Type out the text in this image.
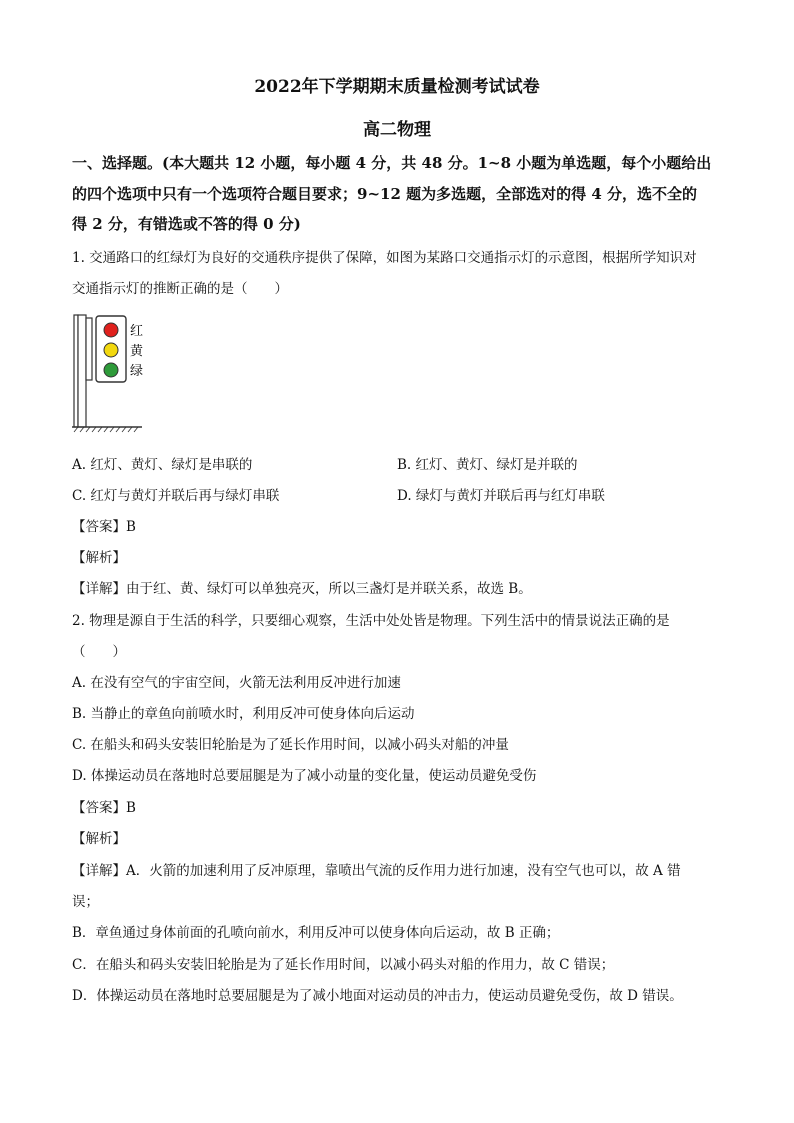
2022年下学期期末质量检测考试试卷
高二物理
一、选择题。(本大题共 12 小题，每小题 4 分，共 48 分。1~8 小题为单选题，每个小题给出
的四个选项中只有一个选项符合题目要求；9~12 题为多选题，全部选对的得 4 分，选不全的
得 2 分，有错选或不答的得 0 分)
1. 交通路口的红绿灯为良好的交通秩序提供了保障，如图为某路口交通指示灯的示意图，根据所学知识对
交通指示灯的推断正确的是（　　）
红
黄
绿
A. 红灯、黄灯、绿灯是串联的	B. 红灯、黄灯、绿灯是并联的
C. 红灯与黄灯并联后再与绿灯串联	D. 绿灯与黄灯并联后再与红灯串联
【答案】B
【解析】
【详解】由于红、黄、绿灯可以单独亮灭，所以三盏灯是并联关系，故选 B。
2. 物理是源自于生活的科学，只要细心观察，生活中处处皆是物理。下列生活中的情景说法正确的是
（　　）
A. 在没有空气的宇宙空间，火箭无法利用反冲进行加速
B. 当静止的章鱼向前喷水时，利用反冲可使身体向后运动
C. 在船头和码头安装旧轮胎是为了延长作用时间，以减小码头对船的冲量
D. 体操运动员在落地时总要屈腿是为了减小动量的变化量，使运动员避免受伤
【答案】B
【解析】
【详解】A．火箭的加速利用了反冲原理，靠喷出气流的反作用力进行加速，没有空气也可以，故 A 错
误；
B．章鱼通过身体前面的孔喷向前水，利用反冲可以使身体向后运动，故 B 正确；
C．在船头和码头安装旧轮胎是为了延长作用时间，以减小码头对船的作用力，故 C 错误；
D．体操运动员在落地时总要屈腿是为了减小地面对运动员的冲击力，使运动员避免受伤，故 D 错误。
